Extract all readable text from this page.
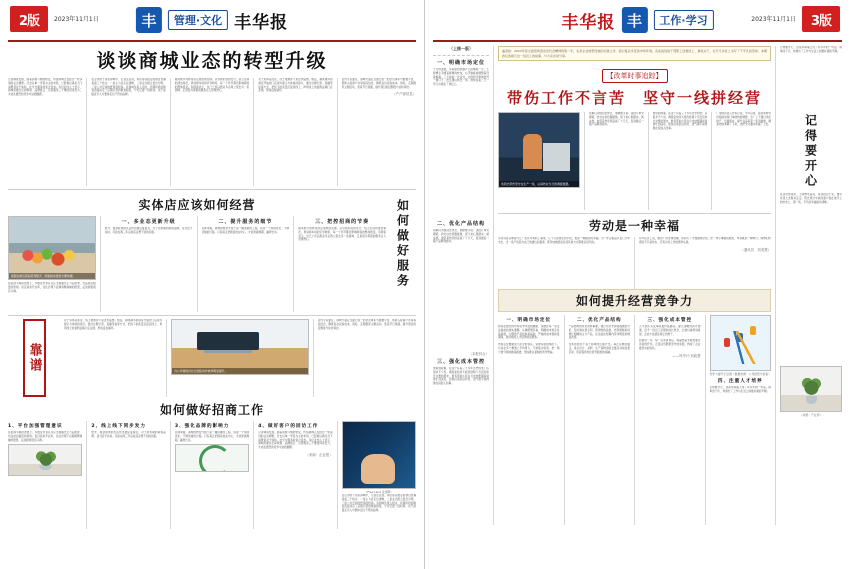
2版	2023年11月1日	丰	管理·文化 丰华报
谈谈商城业态的转型升级
记者调查发现，随着消费习惯的转变，传统商城正在经历一轮深刻的业态调整。过去以单一零售为主的布局，已经难以满足当下消费者对于体验、社交与服务的复合需求。多位业内人士表示，商城需要从空间规划、品牌组合、运营服务三个维度同步发力，才能在激烈的竞争中站稳脚跟。
在走访的十余家商城中，记者注意到，那些客流稳定的项目普遍具备三个特点：一是主力店定位清晰，二是业态组合层次分明，三是公共空间的舒适度较高。有商城负责人坦言，招商阶段的取舍直接决定了后期运营的难易程度，宁可空置一段时间，也不能随意引入与整体定位不符的品牌。
服务细节同样是决定成败的关键。从导视系统的设计，到卫生间的清洁频次，再到停车场的引导效率，每一个环节都会影响顾客的整体感受。有顾客表示，自己之所以愿意多走两公里去另一家商城，正是因为那里的服务让人觉得舒心。
对于实体店而言，线上渠道并不是洪水猛兽。相反，越来越多的商家开始把门店视为展示与体验的窗口，通过社群运营、直播带货等方式，把线下的流量沉淀到线上，再用线上的复购反哺门店业绩，形成良性循环。
业内专家建议，商城方面应当建立统一的会员体系与数据平台，帮助入驻商户共享客流信息，降低各自获客成本。同时，定期组织主题活动，营造节日氛围，提升项目的话题度与到访频次。
（产产部信息）
实体店应该如何经营
商超生鲜区商品陈列整齐，顾客挑选更加方便快捷。
在招商节奏的把控上，多数受访者认为应当遵循先主力后配套、先品质后数量的原则。盲目追求开业率，往往会埋下后期频繁换铺的隐患，反而损害项目口碑。
一、多业态更新升级
此外，租金政策的灵活性也被反复提及。对于培育期的新锐品牌，适当给予扶持，可能在两三年后收获意想不到的回报。
二、提升服务的细节
总体来看，商城的转型升级不是一蹴而就的工程，而是一个持续优化、不断试错的过程。只有真正把顾客放在中心，才能穿越周期，赢得长远。
三、把控招商的节奏
服务细节同样是决定成败的关键。从导视系统的设计，到卫生间的清洁频次，再到停车场的引导效率，每一个环节都会影响顾客的整体感受。有顾客表示，自己之所以愿意多走两公里去另一家商城，正是因为那里的服务让人觉得舒心。	如何做好服务
靠谱
对于实体店而言，线上渠道并不是洪水猛兽。相反，越来越多的商家开始把门店视为展示与体验的窗口，通过社群运营、直播带货等方式，把线下的流量沉淀到线上，再用线上的复购反哺门店业绩，形成良性循环。
办公环境的优化让团队协作效率明显提升。
业内专家建议，商城方面应当建立统一的会员体系与数据平台，帮助入驻商户共享客流信息，降低各自获客成本。同时，定期组织主题活动，营造节日氛围，提升项目的话题度与到访频次。
如何做好招商工作
1、平台加强管理意识
在招商节奏的把控上，多数受访者认为应当遵循先主力后配套、先品质后数量的原则。盲目追求开业率，往往会埋下后期频繁换铺的隐患，反而损害项目口碑。
2、线上线下同步发力
此外，租金政策的灵活性也被反复提及。对于培育期的新锐品牌，适当给予扶持，可能在两三年后收获意想不到的回报。
3、强化品牌的影响力
总体来看，商城的转型升级不是一蹴而就的工程，而是一个持续优化、不断试错的过程。只有真正把顾客放在中心，才能穿越周期，赢得长远。
4、做好客户的回访工作
记者调查发现，随着消费习惯的转变，传统商城正在经历一轮深刻的业态调整。过去以单一零售为主的布局，已经难以满足当下消费者对于体验、社交与服务的复合需求。多位业内人士表示，商城需要从空间规划、品牌组合、运营服务三个维度同步发力，才能在激烈的竞争中站稳脚跟。
（来源：企业报）
（Free Land·沈国辉）
在走访的十余家商城中，记者注意到，那些客流稳定的项目普遍具备三个特点：一是主力店定位清晰，二是业态组合层次分明，三是公共空间的舒适度较高。有商城负责人坦言，招商阶段的取舍直接决定了后期运营的难易程度，宁可空置一段时间，也不能随意引入与整体定位不符的品牌。
3版
2023年11月1日
丰华报 丰	工作·学习
（上接一版）
一、明确市场定位
十月的清晨，车间里的机器声已经响成一片。王师傅左手缠着厚厚的纱布，右手熟练地调整着设备参数。三天前的一次意外，让他的手掌被划开一道口子，医生建议休息一周，他却在第二天一早又出现在了岗位上。
二、优化产品结构
同事们劝他回去休息，他摆摆手说：这批订单交期紧，我对这台机器最熟，留下来心里踏实。就这样，他带着伤连续奋战了十几天，直到最后一箱产品顺利装车。
（本报综合）
三、强化成本管控
类似的故事，在这个有着三十多年历史的老厂区里并不少见。调度室的李大姐连续两个月没有休过完整的周末，财务部的小张在月末结账期间常常忙到深夜，而他们谈起这些时，语气都平淡得像在说别人的事。
编者按：2023年是全面贯彻落实党代会精神的第一年，也是企业转型爬坡的关键之年。面对复杂多变的市场环境，各条战线的干部职工迎难而上、真抓实干，在平凡岗位上书写了不平凡的答卷。本期我们选取几位一线员工的故事，与大家共同分享。
【改革时事追踪】
带伤工作不言苦　坚守一线拼经营
该同志带伤坚守在生产一线，认真核对当日的调度数据。
同事们劝他回去休息，他摆摆手说：这批订单交期紧，我对这台机器最熟，留下来心里踏实。就这样，他带着伤连续奋战了十几天，直到最后一箱产品顺利装车。
类似的故事，在这个有着三十多年历史的老厂区里并不少见。调度室的李大姐连续两个月没有休过完整的周末，财务部的小张在月末结账期间常常忙到深夜，而他们谈起这些时，语气都平淡得像在说别人的事。
厂里的负责人告诉记者，今年以来，面对原材料价格波动和订单结构的调整，全厂上下通过优化排产、压缩库存、提升良品率等一系列措施，硬是把成本降了下来，也把交付准时率提了上去。
劳动是一种幸福
劳动究竟意味着什么？在许多老职工看来，它不只是谋生的手段，更是一种踏实的幸福。当一件合格品从自己手中交出，当一条产线因为自己的建议而提速，那份成就感是任何其他方式都难以替代的。
有年轻员工说，刚进厂时觉得枯燥，时间久了才慢慢体会到，把一件小事做到极致，本身就是一种修行。师傅们传授的不只是技术，还有对待工作的那份认真。
（通讯员　刘美慧）
如何提升经营竞争力
一、明确市场定位
如何在激烈的市场竞争中站稳脚跟，是摆在每一家企业面前的现实课题。从调研情况看，明确的市场定位是前提，合理的产品结构是基础，严格的成本管控是保障，而持续的人才培养则是根本。
市场定位要避免大而全的误区。资源有限的情况下，与其在多个赛道上平均用力，不如集中优势，把一两个细分领域做深做透，形成难以复制的竞争壁垒。
二、优化产品结构
产品结构的优化同样重要。通过对历史销售数据的分析，及时淘汰低毛利、低周转的品类，把资源倾斜给增长明确的主力产品，往往能在短期内带来明显的效益改善。
成本管控并不等于简单的压缩开支。真正有效的做法，是从设计、采购、生产到物流的全链条寻找改善空间，用流程的优化替代粗放的削减。
三、强化成本管控
人才是所有变革的最终落脚点。建立清晰的晋升通道，给予一线员工足够的成长机会，让他们看得到希望，企业才能留住真正的骨干。
回望这一年，每一点进步背后，都凝结着无数普通劳动者的汗水。正是这些默默坚守的身影，构成了企业最坚实的底色。
——风华计·刘政慧
竞争力提升示意图（数据来源：公司经营分析室）
四、注重人才培养
记得要开心，这是车间墙上挂了许多年的一句话。简单四个字，却道出了工作与生活之间最朴素的平衡。
记得要开心，这是车间墙上挂了许多年的一句话。简单四个字，却道出了工作与生活之间最朴素的平衡。
记得要开心
在采访结束时，王师傅笑着说，等这批活干完，要带家里人去海边走走。阳光穿过车间的窗户落在他手上的纱布上，那一刻，平凡的幸福格外清晰。
（来源：产业部）
